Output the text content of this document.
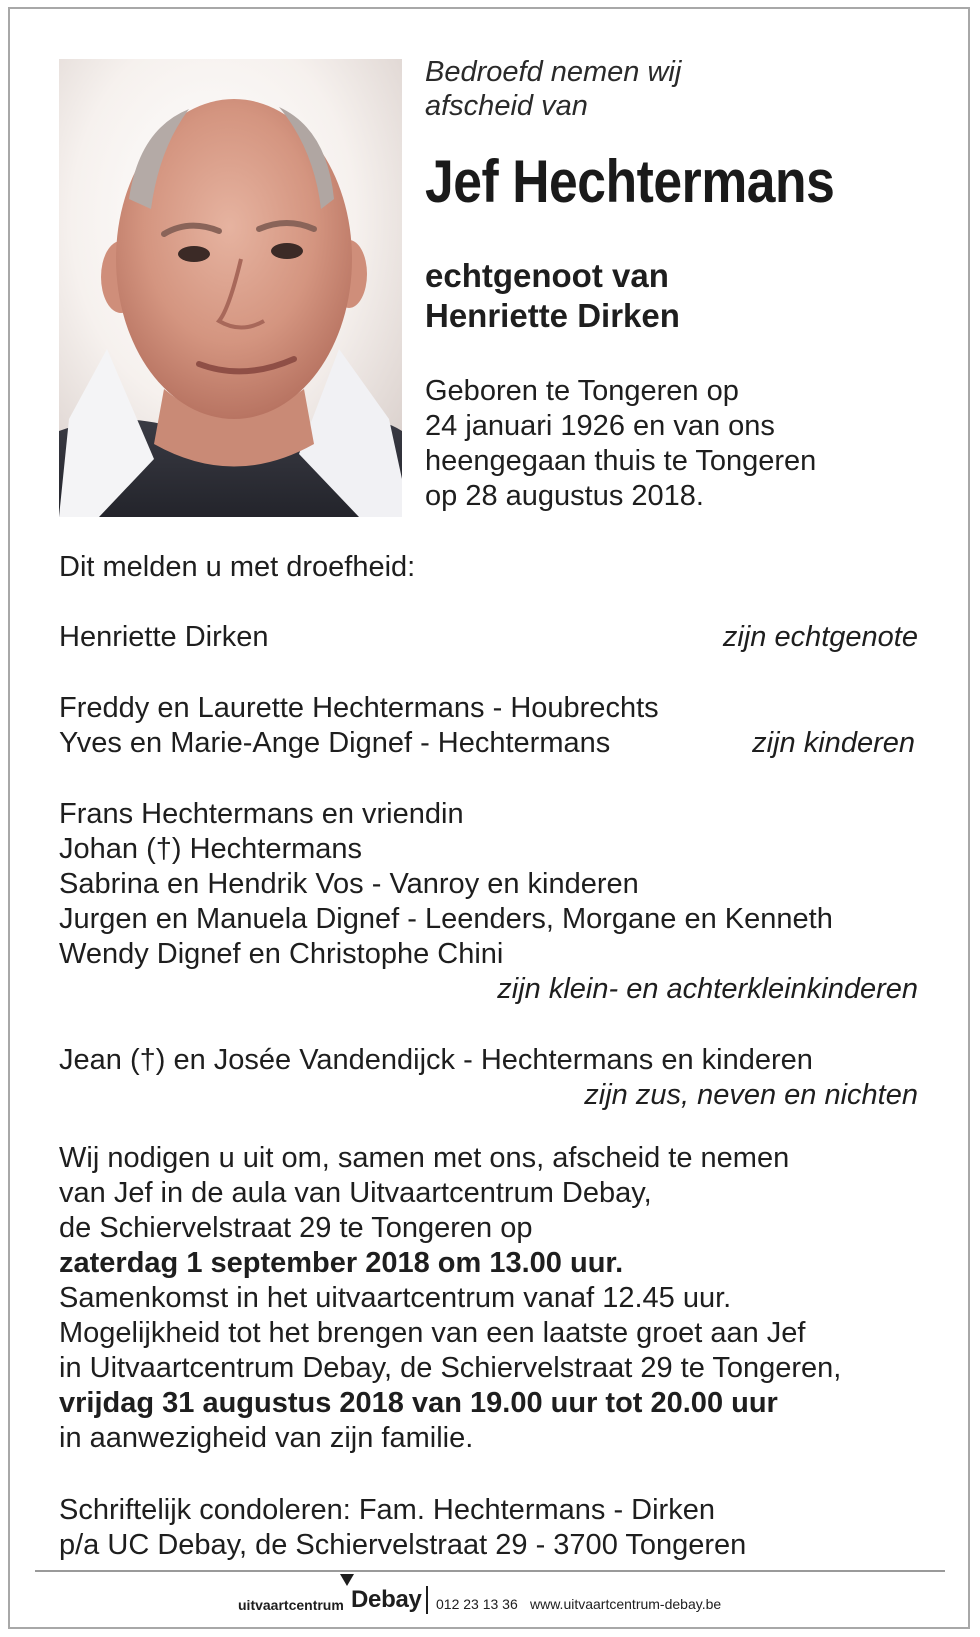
Bedroefd nemen wij
afscheid van
Jef Hechtermans
echtgenoot van
Henriette Dirken
Geboren te Tongeren op
24 januari 1926 en van ons
heengegaan thuis te Tongeren
op 28 augustus 2018.
Dit melden u met droefheid:
Henriette Dirken	zijn echtgenote
Freddy en Laurette Hechtermans - Houbrechts
Yves en Marie-Ange Dignef - Hechtermans	zijn kinderen
Frans Hechtermans en vriendin
Johan (†) Hechtermans
Sabrina en Hendrik Vos - Vanroy en kinderen
Jurgen en Manuela Dignef - Leenders, Morgane en Kenneth
Wendy Dignef en Christophe Chini
zijn klein- en achterkleinkinderen
Jean (†) en Josée Vandendijck - Hechtermans en kinderen
zijn zus, neven en nichten
Wij nodigen u uit om, samen met ons, afscheid te nemen
van Jef in de aula van Uitvaartcentrum Debay,
de Schiervelstraat 29 te Tongeren op
zaterdag 1 september 2018 om 13.00 uur.
Samenkomst in het uitvaartcentrum vanaf 12.45 uur.
Mogelijkheid tot het brengen van een laatste groet aan Jef
in Uitvaartcentrum Debay, de Schiervelstraat 29 te Tongeren,
vrijdag 31 augustus 2018 van 19.00 uur tot 20.00 uur
in aanwezigheid van zijn familie.
Schriftelijk condoleren: Fam. Hechtermans - Dirken
p/a UC Debay, de Schiervelstraat 29 - 3700 Tongeren
uitvaartcentrum Debay 012 23 13 36 www.uitvaartcentrum-debay.be
